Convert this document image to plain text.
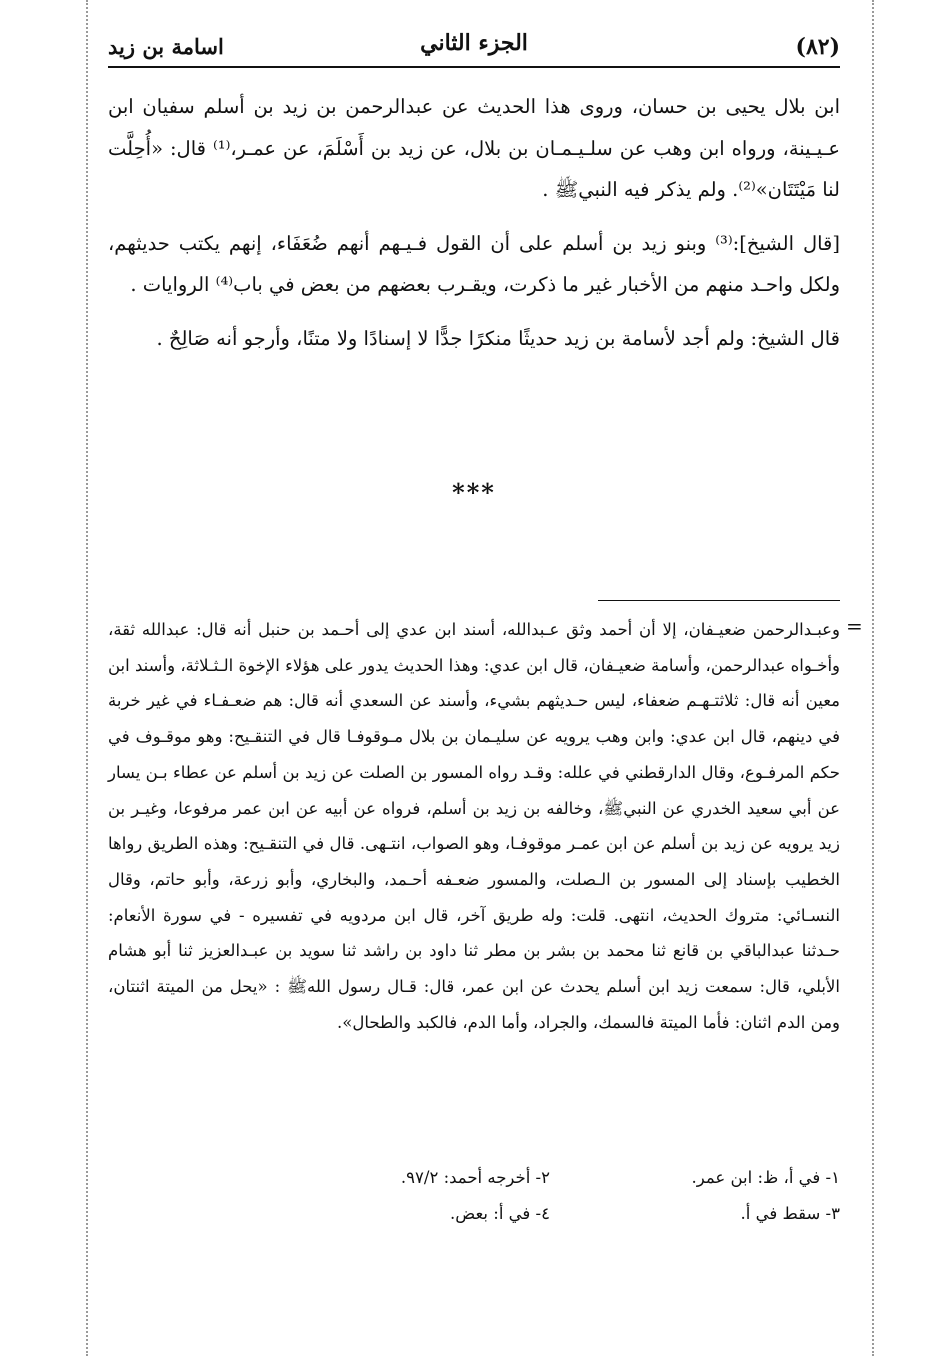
(٨٢)
الجزء الثاني
اسامة بن زيد

ابن بلال يحيى بن حسان، وروى هذا الحديث عن عبدالرحمن بن زيد بن أسلم سفيان ابن عـيـينة، ورواه ابن وهب عن سلـيـمـان بن بلال، عن زيد بن أَسْلَمَ، عن عمـر،⁽¹⁾ قال: «أُحِلَّت لنا مَيْتَتَان»⁽²⁾. ولم يذكر فيه النبيﷺ .

[قال الشيخ]:⁽³⁾ وبنو زيد بن أسلم على أن القول فـيـهم أنهم ضُعَفَاء، إنهم يكتب حديثهم، ولكل واحـد منهم من الأخبار غير ما ذكرت، ويقـرب بعضهم من بعض في باب⁽⁴⁾ الروايات .

قال الشيخ: ولم أجد لأسامة بن زيد حديثًا منكرًا جدًّا لا إسنادًا ولا متنًا، وأرجو أنه صَالِحٌ .

***
=

وعبـدالرحمن ضعيـفان، إلا أن أحمد وثق عـبدالله، أسند ابن عدي إلى أحـمد بن حنبل أنه قال: عبدالله ثقة، وأخـواه عبدالرحمن، وأسامة ضعيـفان، قال ابن عدي: وهذا الحديث يدور على هؤلاء الإخوة الـثـلاثة، وأسند ابن معين أنه قال: ثلاثتـهـم ضعفاء، ليس حـديثهم بشيء، وأسند عن السعدي أنه قال: هم ضعـفـاء في غير خربة في دينهم، قال ابن عدي: وابن وهب يرويه عن سليـمان بن بلال مـوقوفـا قال في التنقـيح: وهو موقـوف في حكم المرفـوع، وقال الدارقطني في علله: وقـد رواه المسور بن الصلت عن زيد بن أسلم عن عطاء بـن يسار عن أبي سعيد الخدري عن النبيﷺ، وخالفه بن زيد بن أسلم، فرواه عن أبيه عن ابن عمر مرفوعا، وغيـر بن زيد يرويه عن زيد بن أسلم عن ابن عمـر موقوفـا، وهو الصواب، انتـهى. قال في التنقـيح: وهذه الطريق رواها الخطيب بإسناد إلى المسور بن الـصلت، والمسور ضعـفه أحـمد، والبخاري، وأبو زرعة، وأبو حاتم، وقال النسـائي: متروك الحديث، انتهى. قلت: وله طريق آخر، قال ابن مردويه في تفسيره - في سورة الأنعام: حـدثنا عبدالباقي بن قانع ثنا محمد بن بشر بن مطر ثنا داود بن راشد ثنا سويد بن عبـدالعزيز ثنا أبو هشام الأبلي، قال: سمعت زيد ابن أسلم يحدث عن ابن عمر، قال: قـال رسول اللهﷺ : «يحل من الميتة اثنتان، ومن الدم اثنان: فأما الميتة فالسمك، والجراد، وأما الدم، فالكبد والطحال».

١- في أ، ظ: ابن عمر.
٢- أخرجه أحمد: ٩٧/٢.
٣- سقط في أ.
٤- في أ: بعض.
